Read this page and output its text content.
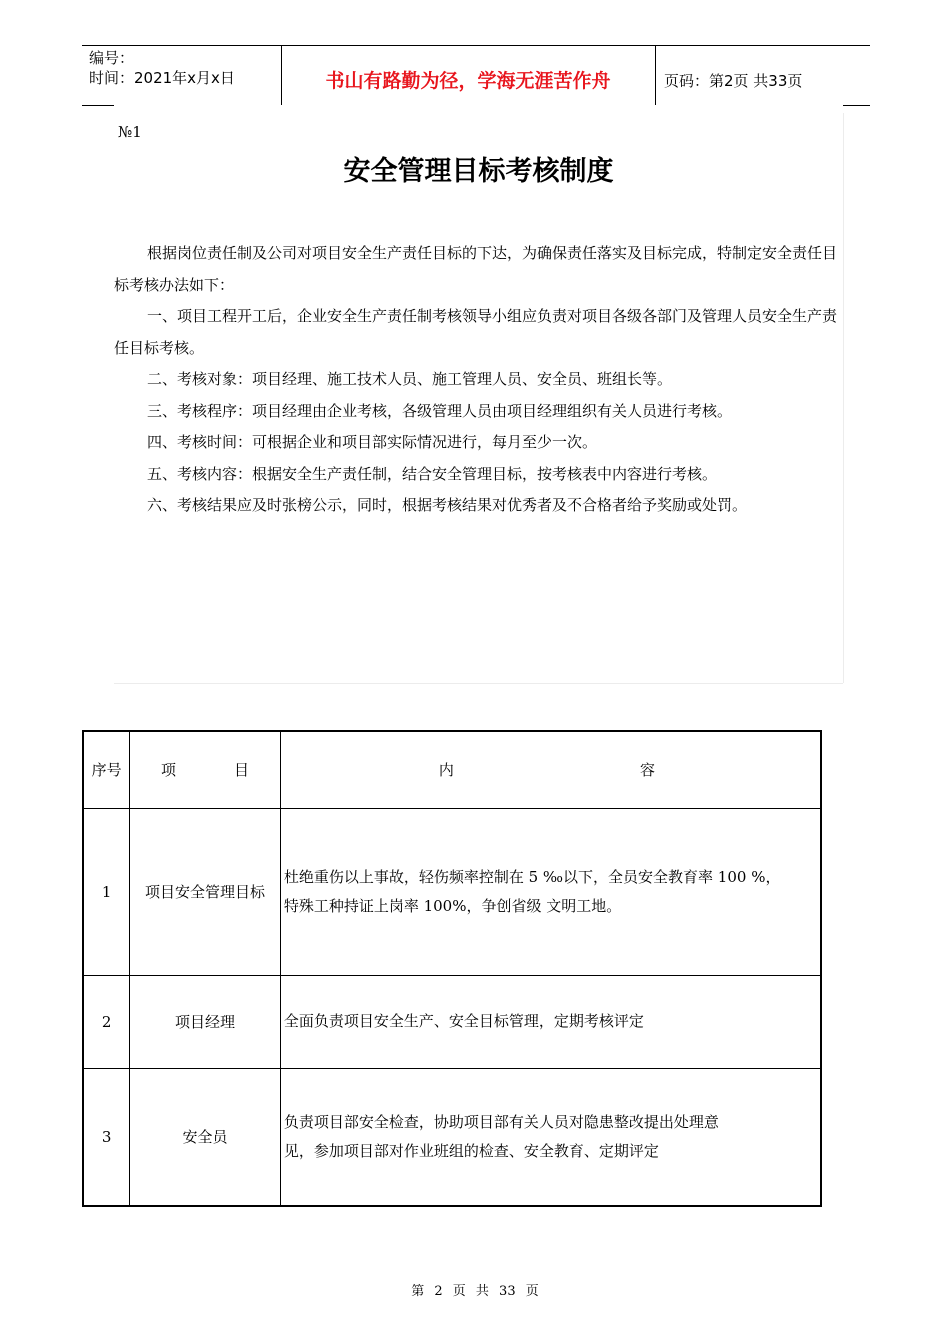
编号：
时间：2021年x月x日	书山有路勤为径，学海无涯苦作舟	页码：第2页 共33页
№1
安全管理目标考核制度

根据岗位责任制及公司对项目安全生产责任目标的下达，为确保责任落实及目标完成，特制定安全责任目标考核办法如下：

一、项目工程开工后，企业安全生产责任制考核领导小组应负责对项目各级各部门及管理人员安全生产责任目标考核。

二、考核对象：项目经理、施工技术人员、施工管理人员、安全员、班组长等。

三、考核程序：项目经理由企业考核，各级管理人员由项目经理组织有关人员进行考核。

四、考核时间：可根据企业和项目部实际情况进行，每月至少一次。

五、考核内容：根据安全生产责任制，结合安全管理目标，按考核表中内容进行考核。

六、考核结果应及时张榜公示，同时，根据考核结果对优秀者及不合格者给予奖励或处罚。

序号	项 目	内 容

1	项目安全管理目标	杜绝重伤以上事故，轻伤频率控制在 5 ‰以下，全员安全教育率 100 %，
特殊工种持证上岗率 100%，争创省级 文明工地。

2	项目经理	全面负责项目安全生产、安全目标管理，定期考核评定

3	安全员	负责项目部安全检查，协助项目部有关人员对隐患整改提出处理意
见，参加项目部对作业班组的检查、安全教育、定期评定
第 2 页 共 33 页
